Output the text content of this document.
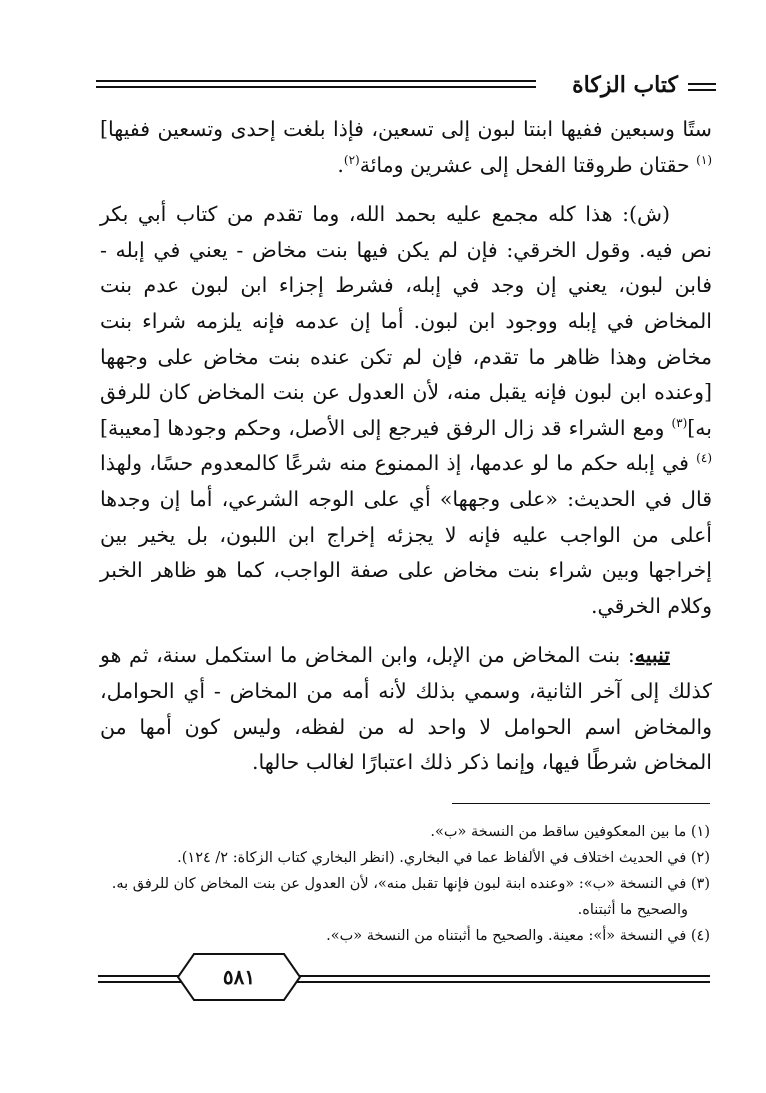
كتاب الزكاة

ستًا وسبعين ففيها ابنتا لبون إلى تسعين، فإذا بلغت إحدى وتسعين ففيها]$^{(١)}$ حقتان طروقتا الفحل إلى عشرين ومائة$^{(٢)}$.

(ش): هذا كله مجمع عليه بحمد الله، وما تقدم من كتاب أبي بكر نص فيه. وقول الخرقي: فإن لم يكن فيها بنت مخاض - يعني في إبله - فابن لبون، يعني إن وجد في إبله، فشرط إجزاء ابن لبون عدم بنت المخاض في إبله ووجود ابن لبون. أما إن عدمه فإنه يلزمه شراء بنت مخاض وهذا ظاهر ما تقدم، فإن لم تكن عنده بنت مخاض على وجهها [وعنده ابن لبون فإنه يقبل منه، لأن العدول عن بنت المخاض كان للرفق به]$^{(٣)}$ ومع الشراء قد زال الرفق فيرجع إلى الأصل، وحكم وجودها [معيبة]$^{(٤)}$ في إبله حكم ما لو عدمها، إذ الممنوع منه شرعًا كالمعدوم حسًا، ولهذا قال في الحديث: «على وجهها» أي على الوجه الشرعي، أما إن وجدها أعلى من الواجب عليه فإنه لا يجزئه إخراج ابن اللبون، بل يخير بين إخراجها وبين شراء بنت مخاض على صفة الواجب، كما هو ظاهر الخبر وكلام الخرقي.

تنبيه: بنت المخاض من الإبل، وابن المخاض ما استكمل سنة، ثم هو كذلك إلى آخر الثانية، وسمي بذلك لأنه أمه من المخاض - أي الحوامل، والمخاض اسم الحوامل لا واحد له من لفظه، وليس كون أمها من المخاض شرطًا فيها، وإنما ذكر ذلك اعتبارًا لغالب حالها.

(١) ما بين المعكوفين ساقط من النسخة «ب».

(٢) في الحديث اختلاف في الألفاظ عما في البخاري. (انظر البخاري كتاب الزكاة: ٢/ ١٢٤).

(٣) في النسخة «ب»: «وعنده ابنة لبون فإنها تقبل منه»، لأن العدول عن بنت المخاض كان للرفق به.

والصحيح ما أثبتناه.

(٤) في النسخة «أ»: معينة. والصحيح ما أثبتناه من النسخة «ب».

٥٨١
